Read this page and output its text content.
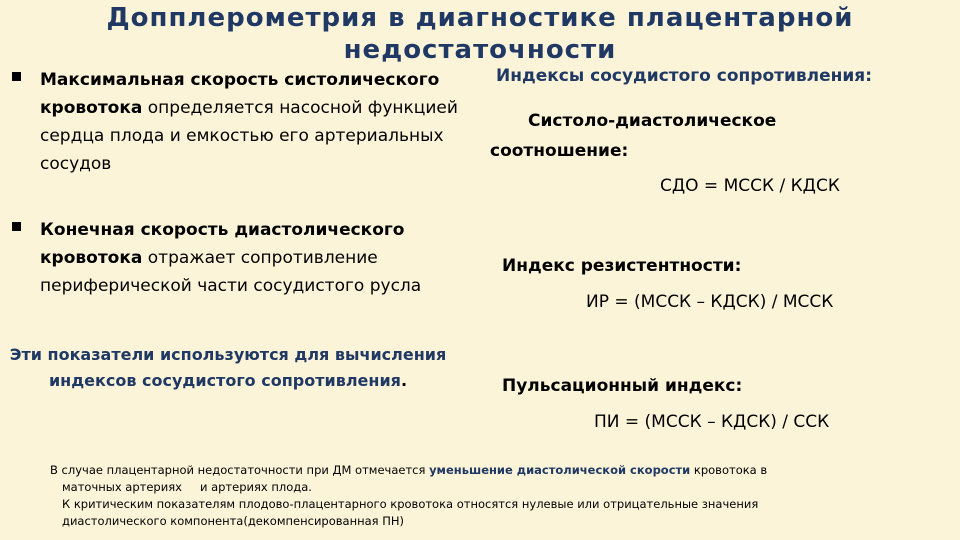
Допплерометрия в диагностике плацентарной
недостаточности
Максимальная скорость систолического кровотока определяется насосной функцией сердца плода и емкостью его артериальных сосудов
Конечная скорость диастолического кровотока отражает сопротивление периферической части сосудистого русла
Эти показатели используются для вычисления индексов сосудистого сопротивления.
Индексы сосудистого сопротивления:
Систоло-диастолическое соотношение:
СДО = МССК / КДСК
Индекс резистентности:
ИР = (МССК – КДСК) / МССК
Пульсационный индекс:
ПИ = (МССК – КДСК) / ССК
В случае плацентарной недостаточности при ДМ отмечается уменьшение диастолической скорости кровотока в
маточных артериях и артериях плода.
К критическим показателям плодово-плацентарного кровотока относятся нулевые или отрицательные значения
диастолического компонента(декомпенсированная ПН)
